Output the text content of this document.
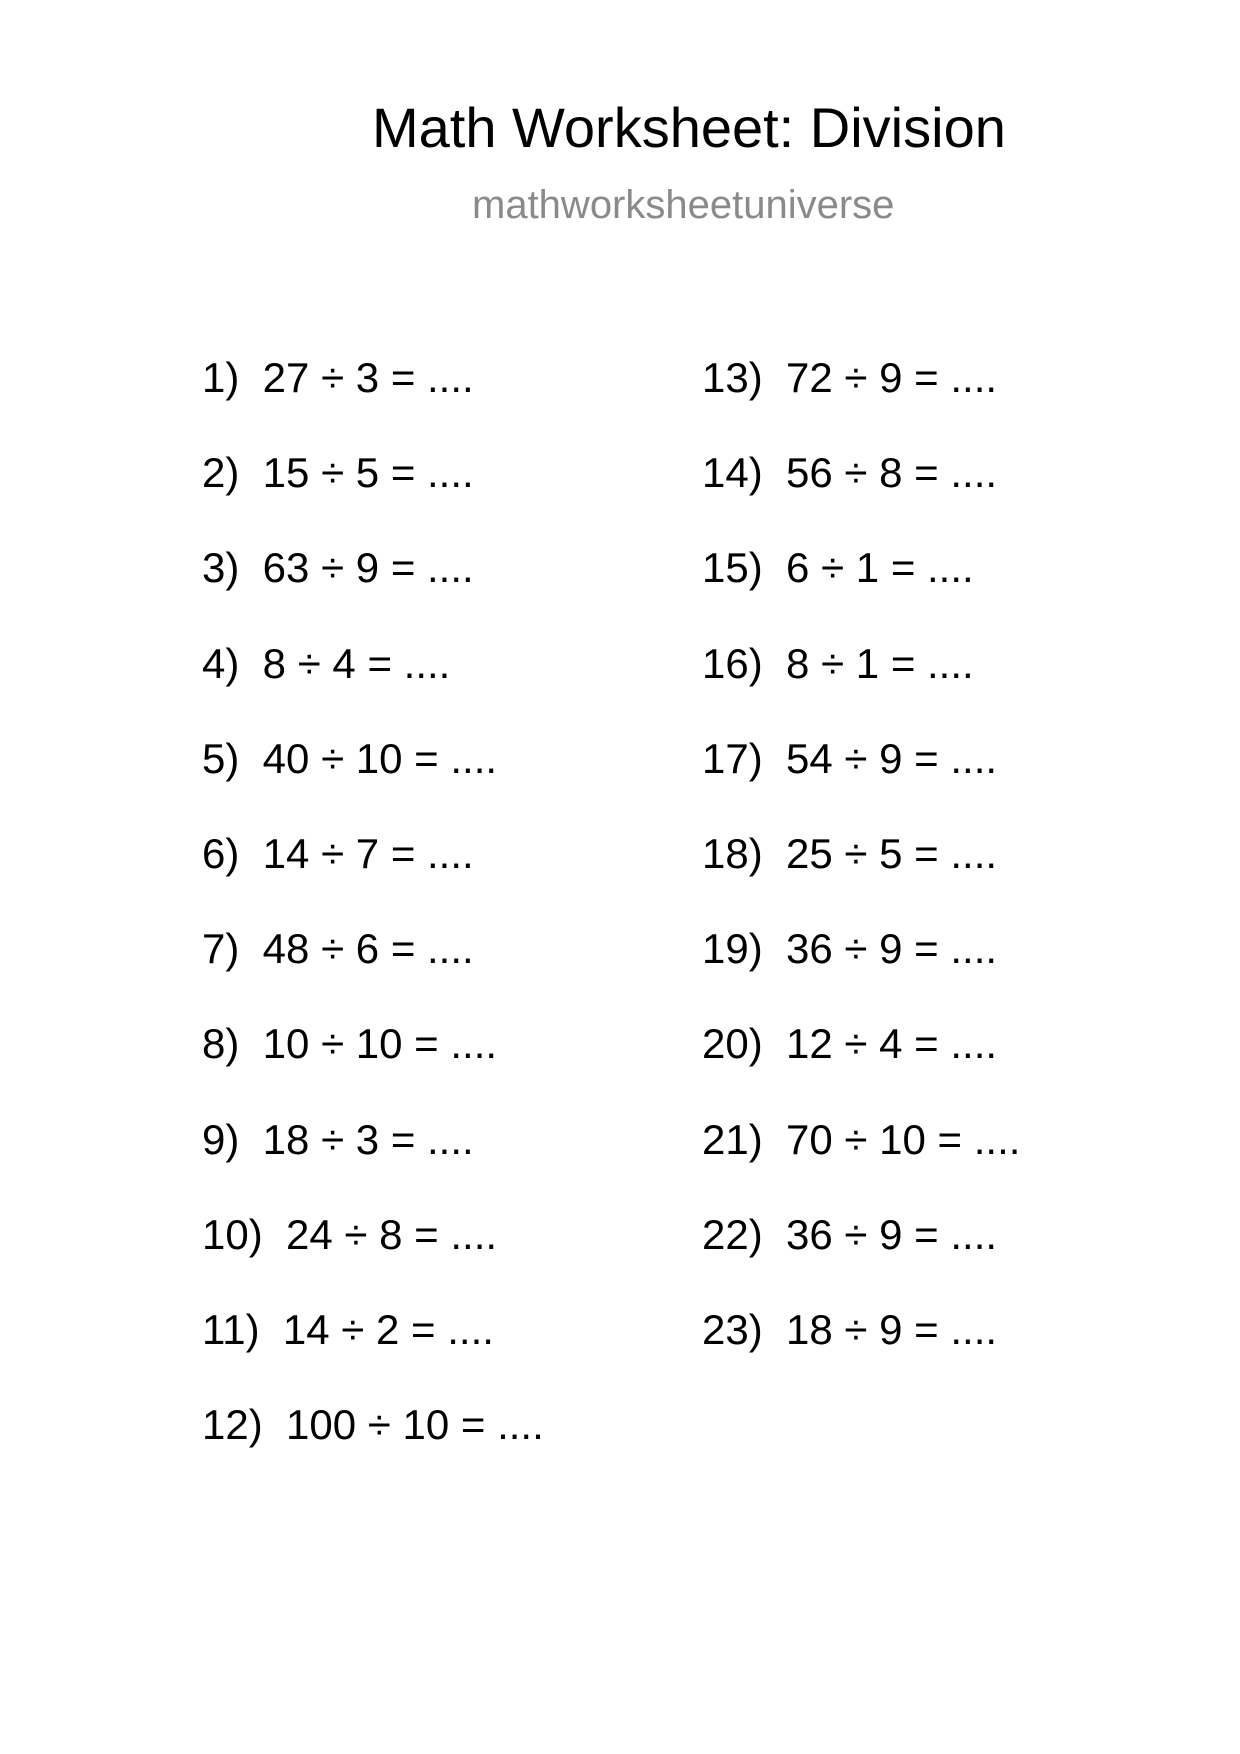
Math Worksheet: Division
mathworksheetuniverse
1)  27 ÷ 3 = ....
2)  15 ÷ 5 = ....
3)  63 ÷ 9 = ....
4)  8 ÷ 4 = ....
5)  40 ÷ 10 = ....
6)  14 ÷ 7 = ....
7)  48 ÷ 6 = ....
8)  10 ÷ 10 = ....
9)  18 ÷ 3 = ....
10)  24 ÷ 8 = ....
11)  14 ÷ 2 = ....
12)  100 ÷ 10 = ....
13)  72 ÷ 9 = ....
14)  56 ÷ 8 = ....
15)  6 ÷ 1 = ....
16)  8 ÷ 1 = ....
17)  54 ÷ 9 = ....
18)  25 ÷ 5 = ....
19)  36 ÷ 9 = ....
20)  12 ÷ 4 = ....
21)  70 ÷ 10 = ....
22)  36 ÷ 9 = ....
23)  18 ÷ 9 = ....
